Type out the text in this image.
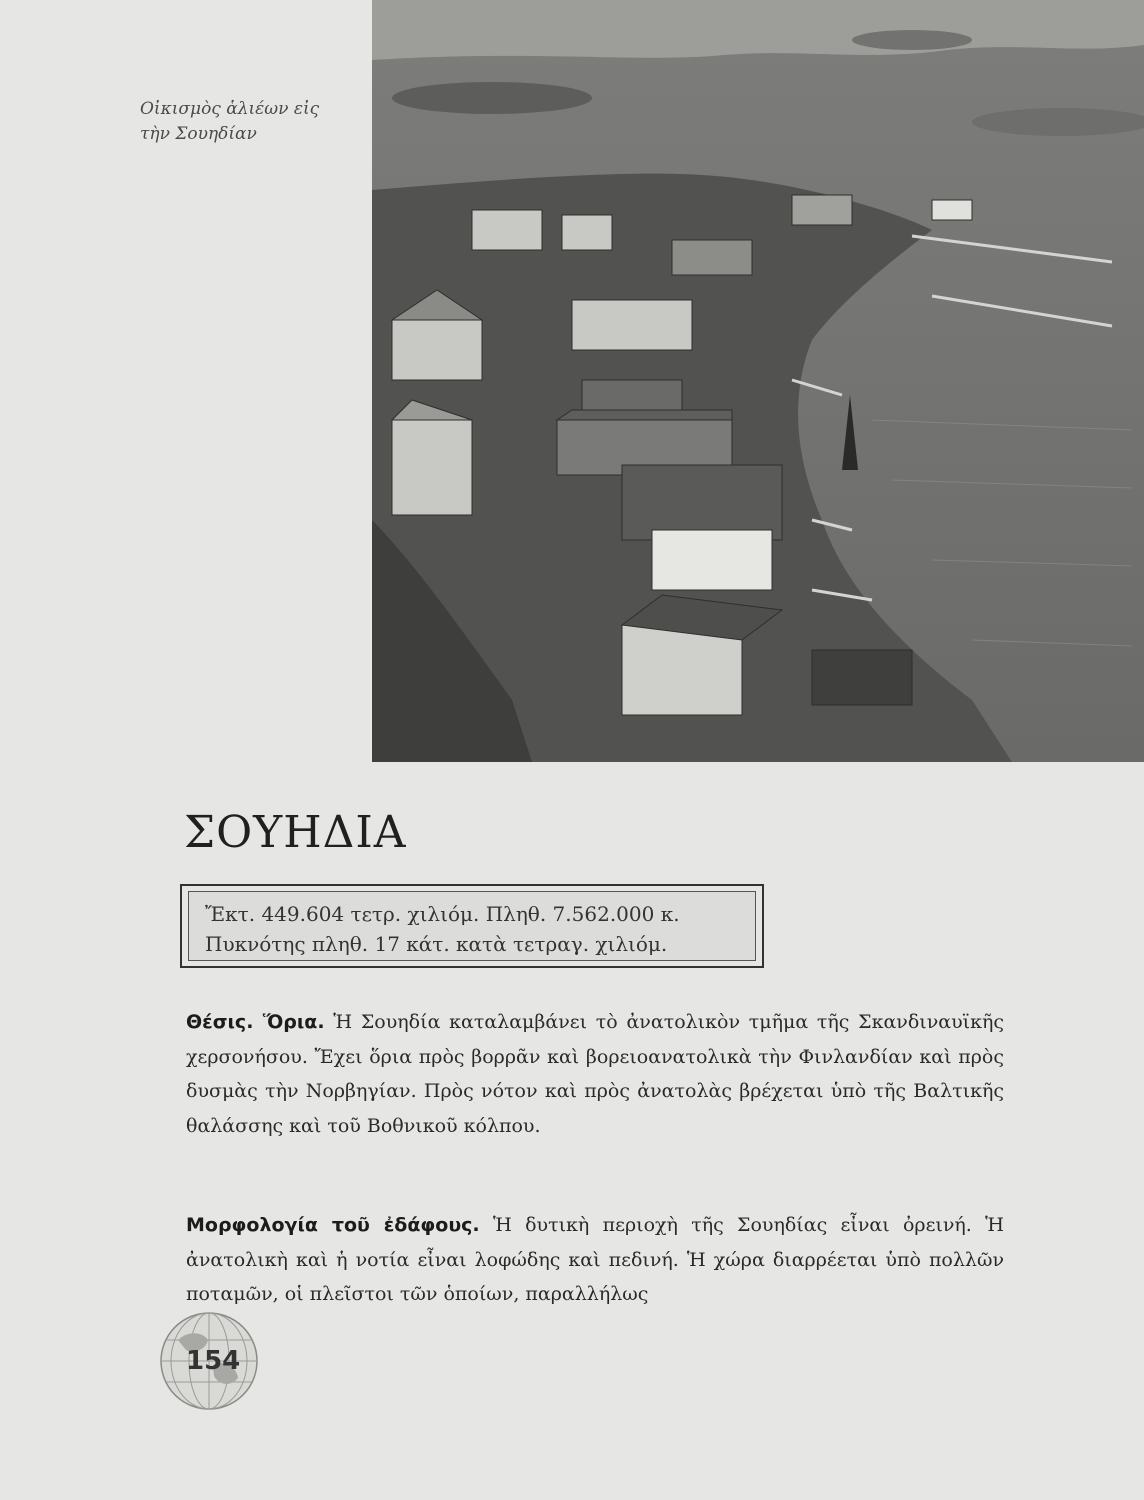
Οἰκισμὸς ἁλιέων εἰς
τὴν Σουηδίαν
ΣΟΥΗΔΙΑ
Ἔκτ. 449.604 τετρ. χιλιόμ. Πληθ. 7.562.000 κ.
Πυκνότης πληθ. 17 κάτ. κατὰ τετραγ. χιλιόμ.
Θέσις. Ὅρια. Ἡ Σουηδία καταλαμβάνει τὸ ἀνατολικὸν τμῆμα τῆς Σκανδιναυϊκῆς χερσονήσου. Ἔχει ὅρια πρὸς βορρᾶν καὶ βορειοανατολικὰ τὴν Φινλανδίαν καὶ πρὸς δυσμὰς τὴν Νορβηγίαν. Πρὸς νότον καὶ πρὸς ἀνατολὰς βρέχεται ὑπὸ τῆς Βαλτικῆς θαλάσσης καὶ τοῦ Βοθνικοῦ κόλπου.
Μορφολογία τοῦ ἐδάφους. Ἡ δυτικὴ περιοχὴ τῆς Σουηδίας εἶναι ὀρεινή. Ἡ ἀνατολικὴ καὶ ἡ νοτία εἶναι λοφώδης καὶ πεδινή. Ἡ χώρα διαρρέεται ὑπὸ πολλῶν ποταμῶν, οἱ πλεῖστοι τῶν ὁποίων, παραλλήλως
154
